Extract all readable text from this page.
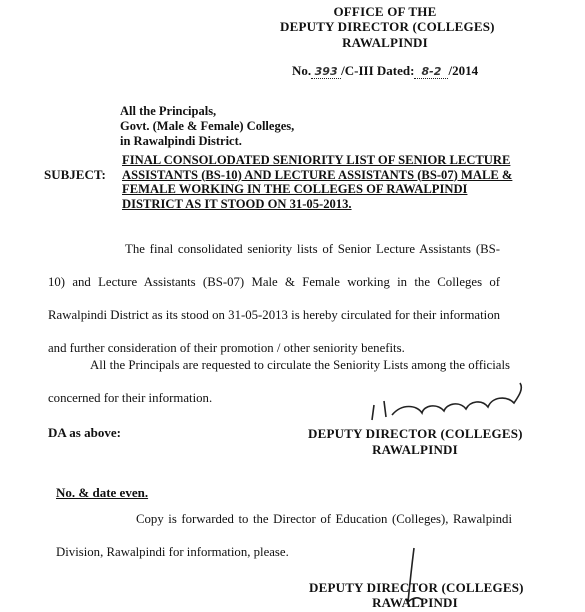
OFFICE OF THE
DEPUTY DIRECTOR (COLLEGES)
RAWALPINDI
No. 393 /C-III Dated: 8-2 /2014
All the Principals,
Govt. (Male & Female) Colleges,
in Rawalpindi District.
SUBJECT:
FINAL CONSOLODATED SENIORITY LIST OF SENIOR LECTURE ASSISTANTS (BS-10) AND LECTURE ASSISTANTS (BS-07) MALE & FEMALE WORKING IN THE COLLEGES OF RAWALPINDI DISTRICT AS IT STOOD ON 31-05-2013.
The final consolidated seniority lists of Senior Lecture Assistants (BS-10) and Lecture Assistants (BS-07) Male & Female working in the Colleges of Rawalpindi District as its stood on 31-05-2013 is hereby circulated for their information and further consideration of their promotion / other seniority benefits.
All the Principals are requested to circulate the Seniority Lists among the officials concerned for their information.
DA as above:	DEPUTY DIRECTOR (COLLEGES)
RAWALPINDI
No. & date even.
Copy is forwarded to the Director of Education (Colleges), Rawalpindi Division, Rawalpindi for information, please.
DEPUTY DIRECTOR (COLLEGES)
RAWALPINDI
